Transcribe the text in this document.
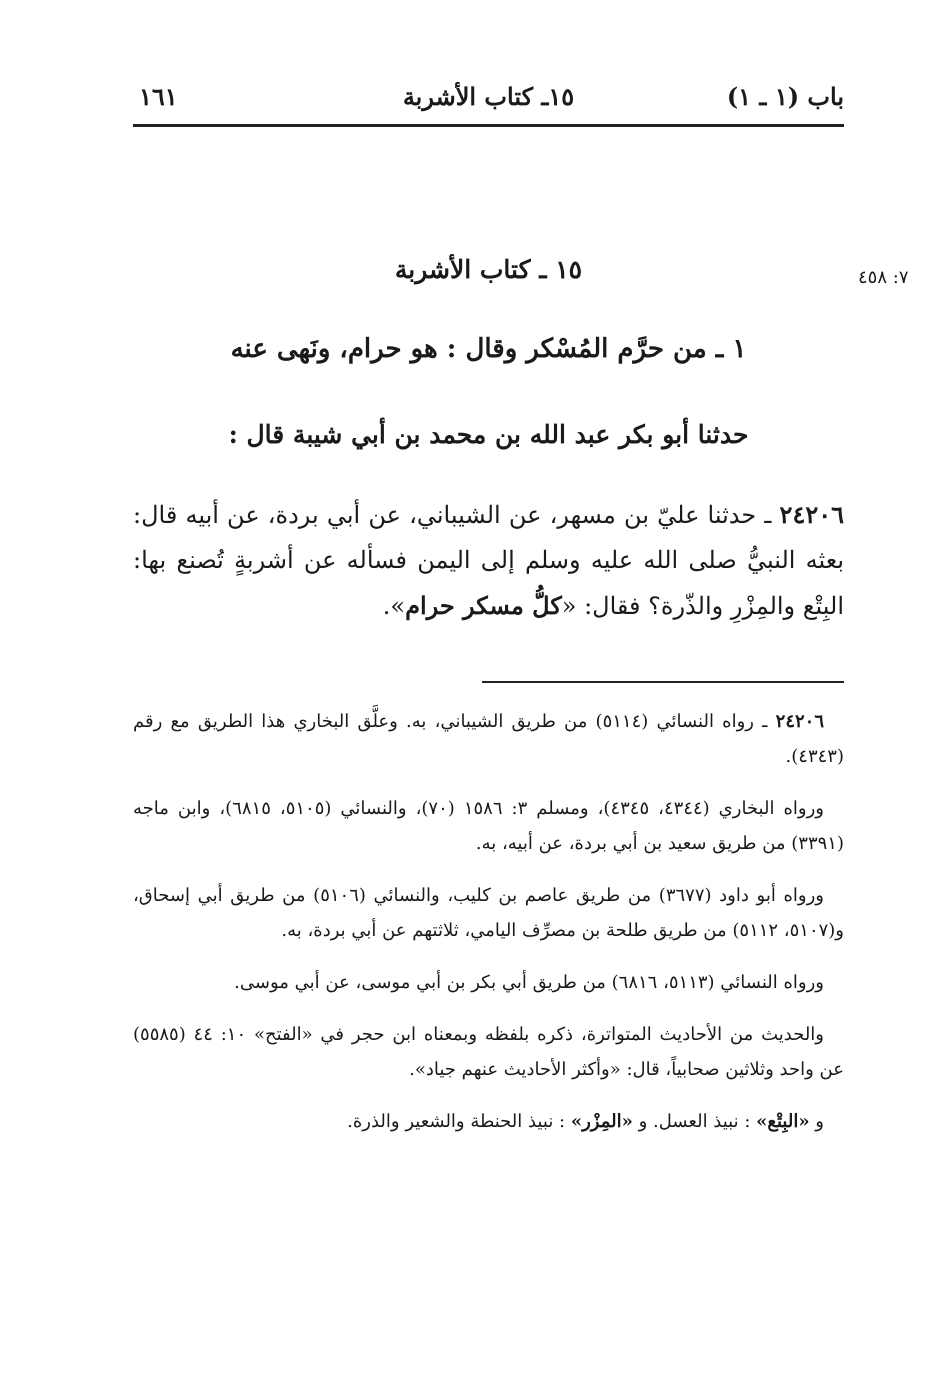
باب (١ ـ ١)
١٥ـ كتاب الأشربة
١٦١
٧: ٤٥٨
١٥ ـ كتاب الأشربة
١ ـ من حرَّم المُسْكر وقال : هو حرام، ونَهى عنه
حدثنا أبو بكر عبد الله بن محمد بن أبي شيبة قال :
٢٤٢٠٦ ـ حدثنا عليّ بن مسهر، عن الشيباني، عن أبي بردة، عن أبيه قال: بعثه النبيُّ صلى الله عليه وسلم إلى اليمن فسأله عن أشربةٍ تُصنع بها: البِتْع والمِزْرِ والذّرة؟ فقال: «كلُّ مسكر حرام».

٢٤٢٠٦ ـ رواه النسائي (٥١١٤) من طريق الشيباني، به. وعلَّق البخاري هذا الطريق مع رقم (٤٣٤٣).

ورواه البخاري (٤٣٤٤، ٤٣٤٥)، ومسلم ٣: ١٥٨٦ (٧٠)، والنسائي (٥١٠٥، ٦٨١٥)، وابن ماجه (٣٣٩١) من طريق سعيد بن أبي بردة، عن أبيه، به.

ورواه أبو داود (٣٦٧٧) من طريق عاصم بن كليب، والنسائي (٥١٠٦) من طريق أبي إسحاق، و(٥١٠٧، ٥١١٢) من طريق طلحة بن مصرِّف اليامي، ثلاثتهم عن أبي بردة، به.

ورواه النسائي (٥١١٣، ٦٨١٦) من طريق أبي بكر بن أبي موسى، عن أبي موسى.

والحديث من الأحاديث المتواترة، ذكره بلفظه وبمعناه ابن حجر في «الفتح» ١٠: ٤٤ (٥٥٨٥) عن واحد وثلاثين صحابياً، قال: «وأكثر الأحاديث عنهم جياد».

و «البِتْع» : نبيذ العسل. و «المِزْر» : نبيذ الحنطة والشعير والذرة.
